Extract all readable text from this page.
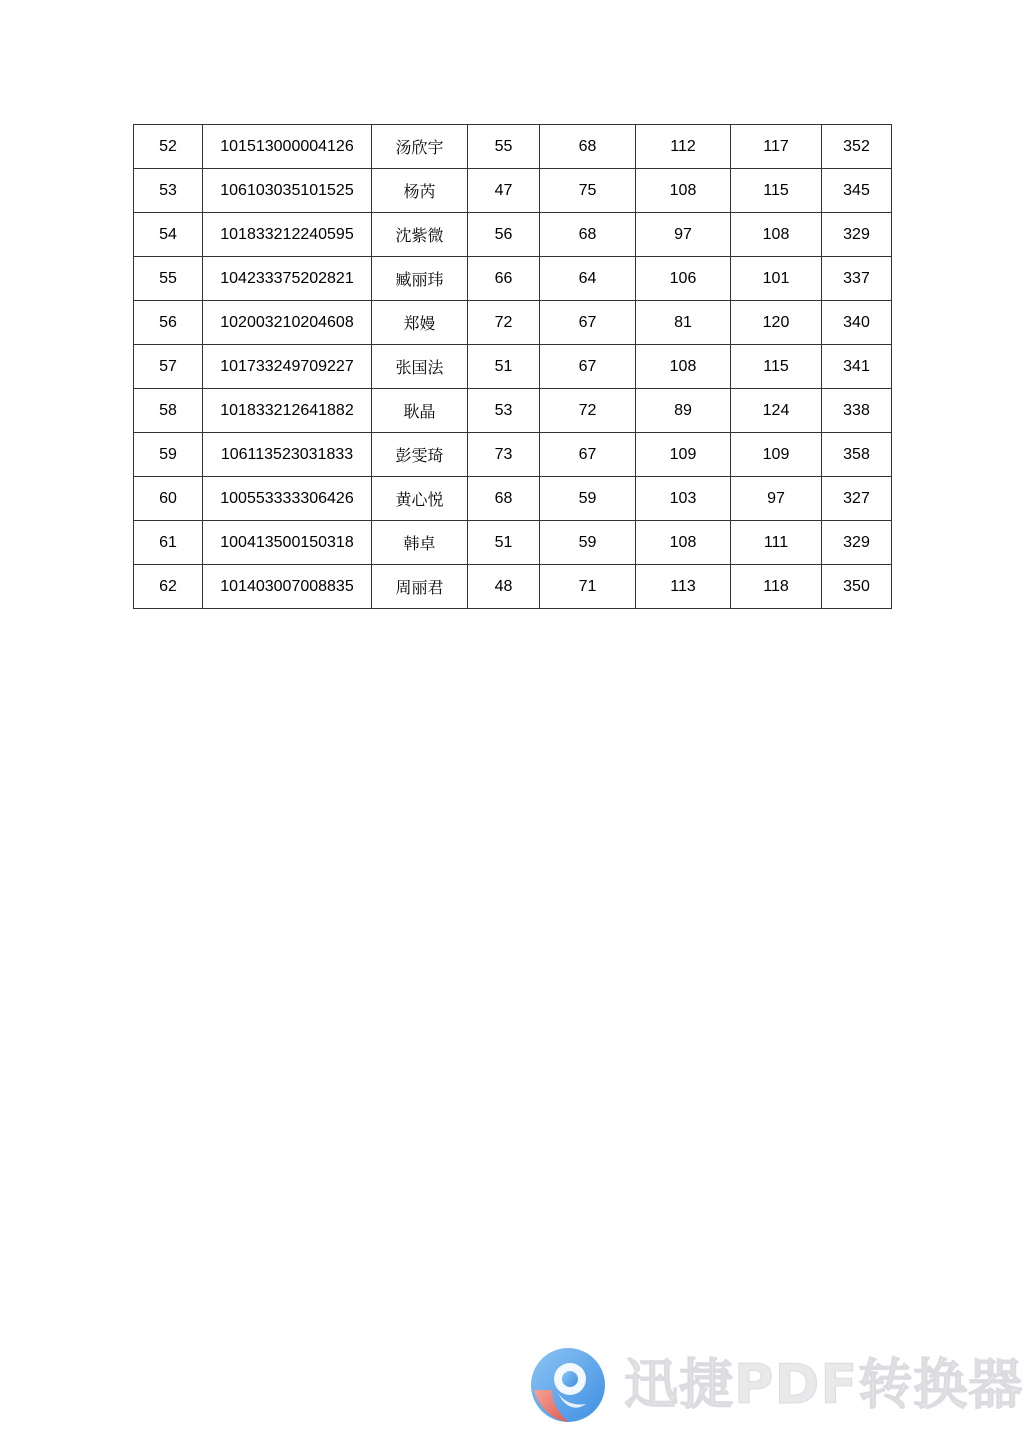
52	101513000004126	汤欣宇	55	68	112	117	352
53	106103035101525	杨芮	47	75	108	115	345
54	101833212240595	沈紫微	56	68	97	108	329
55	104233375202821	臧丽玮	66	64	106	101	337
56	102003210204608	郑嫚	72	67	81	120	340
57	101733249709227	张国法	51	67	108	115	341
58	101833212641882	耿晶	53	72	89	124	338
59	106113523031833	彭雯琦	73	67	109	109	358
60	100553333306426	黄心悦	68	59	103	97	327
61	100413500150318	韩卓	51	59	108	111	329
62	101403007008835	周丽君	48	71	113	118	350
迅捷PDF转换器
